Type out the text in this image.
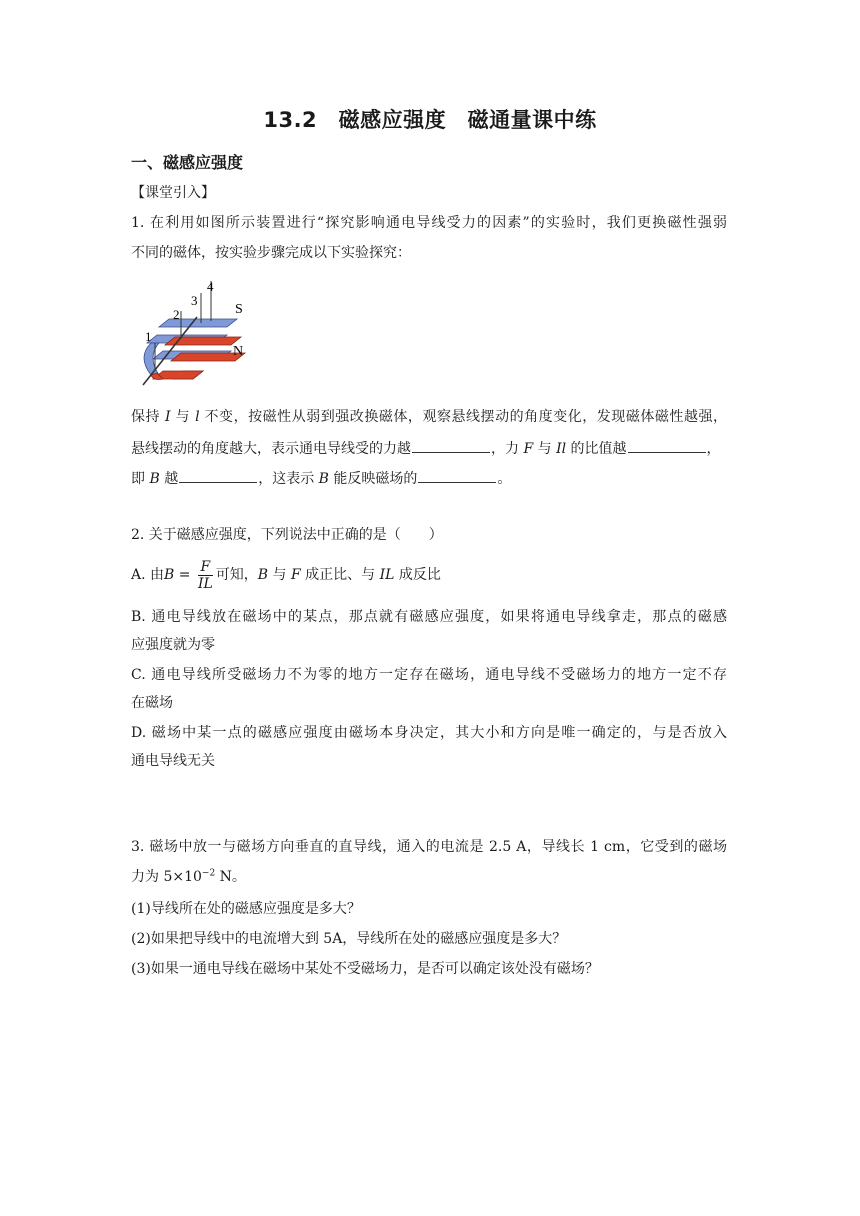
13.2　磁感应强度　磁通量课中练
一、磁感应强度
【课堂引入】
1. 在利用如图所示装置进行“探究影响通电导线受力的因素”的实验时，我们更换磁性强弱
不同的磁体，按实验步骤完成以下实验探究：
1
2
3
4
S
N
保持 I 与 l 不变，按磁性从弱到强改换磁体，观察悬线摆动的角度变化，发现磁体磁性越强，
悬线摆动的角度越大，表示通电导线受的力越	，力 F 与 Il 的比值越	，
即 B 越	，这表示 B 能反映磁场的	。
2. 关于磁感应强度，下列说法中正确的是（　　）
A. 由$B = \frac{F}{IL}$ 可知，B 与 F 成正比、与 IL 成反比
B. 通电导线放在磁场中的某点，那点就有磁感应强度，如果将通电导线拿走，那点的磁感
应强度就为零
C. 通电导线所受磁场力不为零的地方一定存在磁场，通电导线不受磁场力的地方一定不存
在磁场
D. 磁场中某一点的磁感应强度由磁场本身决定，其大小和方向是唯一确定的，与是否放入
通电导线无关
3. 磁场中放一与磁场方向垂直的直导线，通入的电流是 2.5 A，导线长 1 cm，它受到的磁场
力为 $5\times 10^{-2}$ N。
(1)导线所在处的磁感应强度是多大？
(2)如果把导线中的电流增大到 5A，导线所在处的磁感应强度是多大？
(3)如果一通电导线在磁场中某处不受磁场力，是否可以确定该处没有磁场？
